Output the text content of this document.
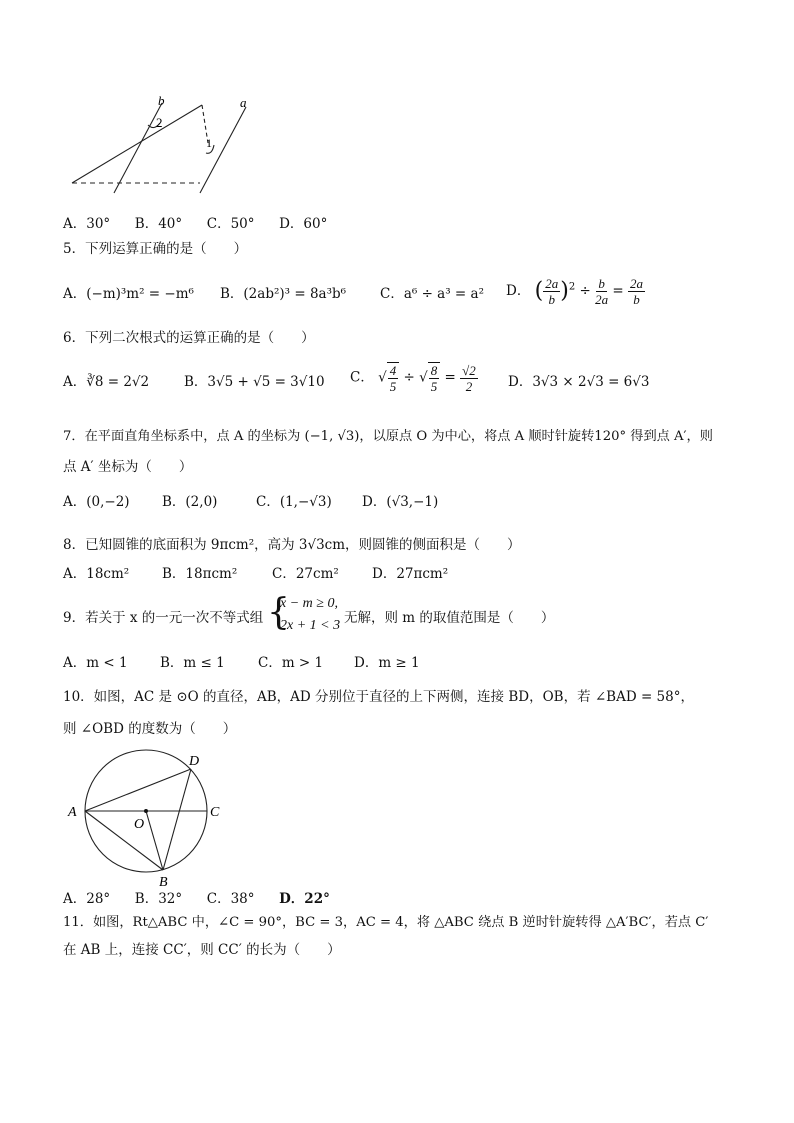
b	a
2
1
A．30° B．40° C．50° D．60°
5．下列运算正确的是（　　）
A．(−m)³m² = −m⁶ B．(2ab²)³ = 8a³b⁶	C．a⁶ ÷ a³ = a² D． ( $\frac{2a}{b} )^2 \div \frac{b}{2a} = \frac{2a}{b}$
6．下列二次根式的运算正确的是（　　）
A．∛8 = 2√2	B．3√5 + √5 = 3√10 C． √ $\frac{4}{5}$ ÷ √ $\frac{8}{5} = \frac{√2}{2}$ D．3√3 × 2√3 = 6√3
7．在平面直角坐标系中，点 A 的坐标为 (−1, √3)，以原点 O 为中心，将点 A 顺时针旋转120° 得到点 A′，则
点 A′ 坐标为（　　）
A．(0,−2) B．(2,0)	C．(1,−√3) D．(√3,−1)
8．已知圆锥的底面积为 9πcm²，高为 3√3cm，则圆锥的侧面积是（　　）
A．18cm² B．18πcm²	C．27cm² D．27πcm²
9．若关于 x 的一元一次不等式组 {
x − m ≥ 0,
2x + 1 < 3 无解，则 m 的取值范围是（　　）
A．m < 1 B．m ≤ 1 C．m > 1 D．m ≥ 1
10．如图，AC 是 ⊙O 的直径，AB，AD 分别位于直径的上下两侧，连接 BD，OB，若 ∠BAD = 58°，
则 ∠OBD 的度数为（　　）
A
O
C
D
B
A．28° B．32° C．38° D．22°
11．如图，Rt△ABC 中，∠C = 90°，BC = 3，AC = 4，将 △ABC 绕点 B 逆时针旋转得 △A′BC′，若点 C′
在 AB 上，连接 CC′，则 CC′ 的长为（　　）
